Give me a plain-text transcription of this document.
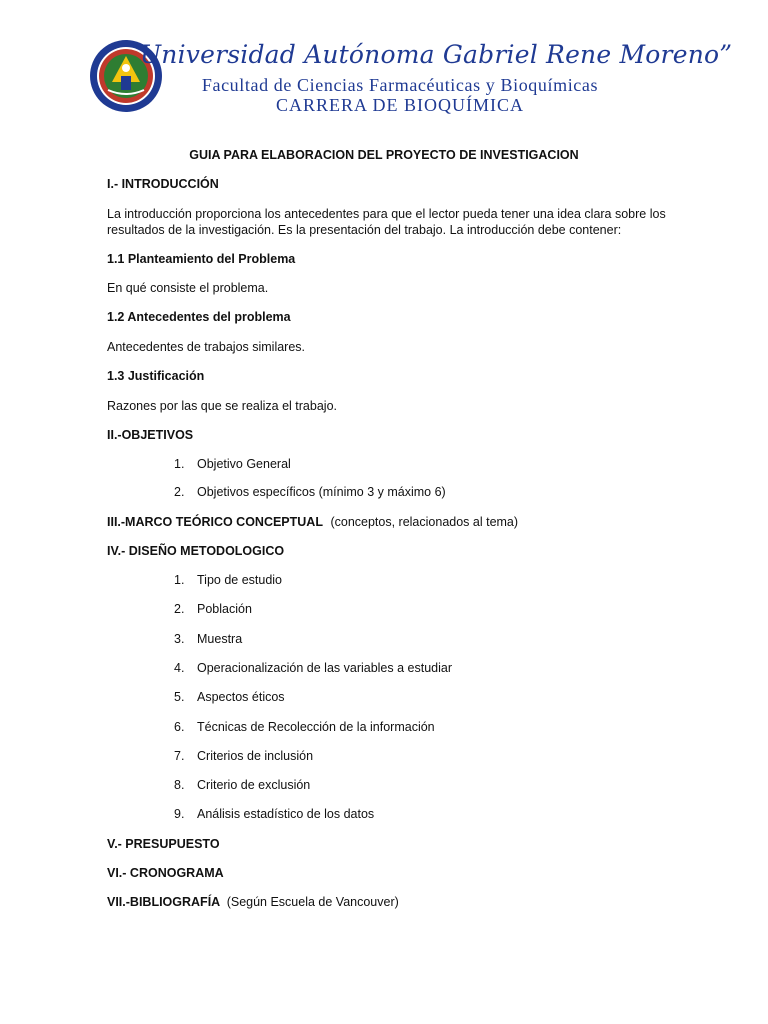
Universidad Autónoma Gabriel Rene Moreno”
Facultad de Ciencias Farmacéuticas y Bioquímicas
CARRERA DE BIOQUÍMICA
GUIA PARA ELABORACION DEL PROYECTO DE INVESTIGACION
I.- INTRODUCCIÓN
La introducción proporciona los antecedentes para que el lector pueda tener una idea clara sobre los
resultados de la investigación. Es la presentación del trabajo. La introducción debe contener:
1.1 Planteamiento del Problema
En qué consiste el problema.
1.2 Antecedentes del problema
Antecedentes de trabajos similares.
1.3 Justificación
Razones por las que se realiza el trabajo.
II.-OBJETIVOS
1.	Objetivo General
2.	Objetivos específicos (mínimo 3 y máximo 6)
III.-MARCO TEÓRICO CONCEPTUAL (conceptos, relacionados al tema)
IV.- DISEÑO METODOLOGICO
1.	Tipo de estudio
2.	Población
3.	Muestra
4.	Operacionalización de las variables a estudiar
5.	Aspectos éticos
6.	Técnicas de Recolección de la información
7.	Criterios de inclusión
8.	Criterio de exclusión
9.	Análisis estadístico de los datos
V.- PRESUPUESTO
VI.- CRONOGRAMA
VII.-BIBLIOGRAFÍA (Según Escuela de Vancouver)
